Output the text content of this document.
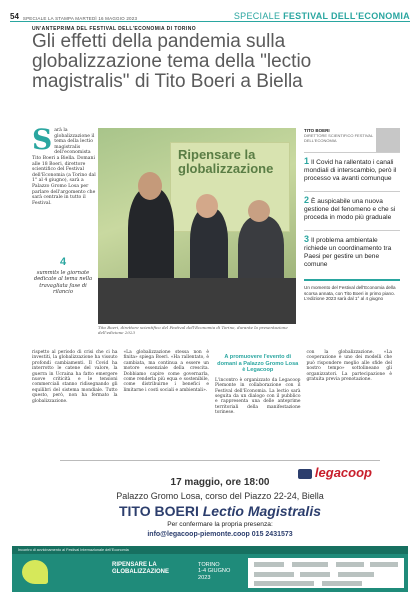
54 SPECIALE LA STAMPA MARTEDÌ 16 MAGGIO 2023	SPECIALE FESTIVAL DELL'ECONOMIA
UN'ANTEPRIMA DEL FESTIVAL DELL'ECONOMIA DI TORINO
Gli effetti della pandemia sulla globalizzazione tema della "lectio magistralis" di Tito Boeri a Biella
S arà la globalizzazione il tema della lectio magistralis dell'economista Tito Boeri a Biella. Domani alle 18 Boeri, direttore scientifico del Festival dell'Economia (a Torino dal 1° al 4 giugno), sarà a Palazzo Gromo Losa per parlare dell'argomento che sarà centrale in tutto il Festival.
4
summits le giornate dedicate al tema nella travagliata fase di rilancio
Ripensare la globalizzazione
Tito Boeri, direttore scientifico del Festival dell'Economia di Torino, durante la presentazione dell'edizione 2023
TITO BOERI
DIRETTORE SCIENTIFICO FESTIVAL DELL'ECONOMIA
1 Il Covid ha rallentato i canali mondiali di interscambio, però il processo va avanti comunque
2 È auspicabile una nuova gestione del fenomeno e che si proceda in modo più graduale
3 Il problema ambientale richiede un coordinamento tra Paesi per gestire un bene comune
Un momento del Festival dell'Economia della scorsa annata, con Tito Boeri in primo piano. L'edizione 2023 sarà dal 1° al 4 giugno
rispetto al periodo di crisi che ci ha investiti, la globalizzazione ha vissuto profondi cambiamenti. Il Covid ha interrotto le catene del valore, la guerra in Ucraina ha fatto emergere nuove criticità e le tensioni commerciali stanno ridisegnando gli equilibri del sistema mondiale. Tutto questo, però, non ha fermato la globalizzazione.
«La globalizzazione stessa non è finita» spiega Boeri. «Ha rallentato, è cambiata, ma continua a essere un motore essenziale della crescita. Dobbiamo capire come governarla, come renderla più equa e sostenibile, come distribuirne i benefici e limitarne i costi sociali e ambientali».
A promuovere l'evento di domani a Palazzo Gromo Losa è Legacoop
L'incontro è organizzato da Legacoop Piemonte in collaborazione con il Festival dell'Economia. La lectio sarà seguita da un dialogo con il pubblico e rappresenta una delle anteprime territoriali della manifestazione torinese.
con la globalizzazione. «La cooperazione è uno dei modelli che può rispondere meglio alle sfide del nostro tempo» sottolineano gli organizzatori. La partecipazione è gratuita previa prenotazione.
legacoop
17 maggio, ore 18:00
Palazzo Gromo Losa, corso del Piazzo 22-24, Biella
TITO BOERI Lectio Magistralis
Per confermare la propria presenza:
info@legacoop-piemonte.coop 015 2431573
Incontro di avvicinamento al Festival Internazionale dell'Economia
RIPENSARE LA
GLOBALIZZAZIONE
TORINO
1-4 GIUGNO
2023
